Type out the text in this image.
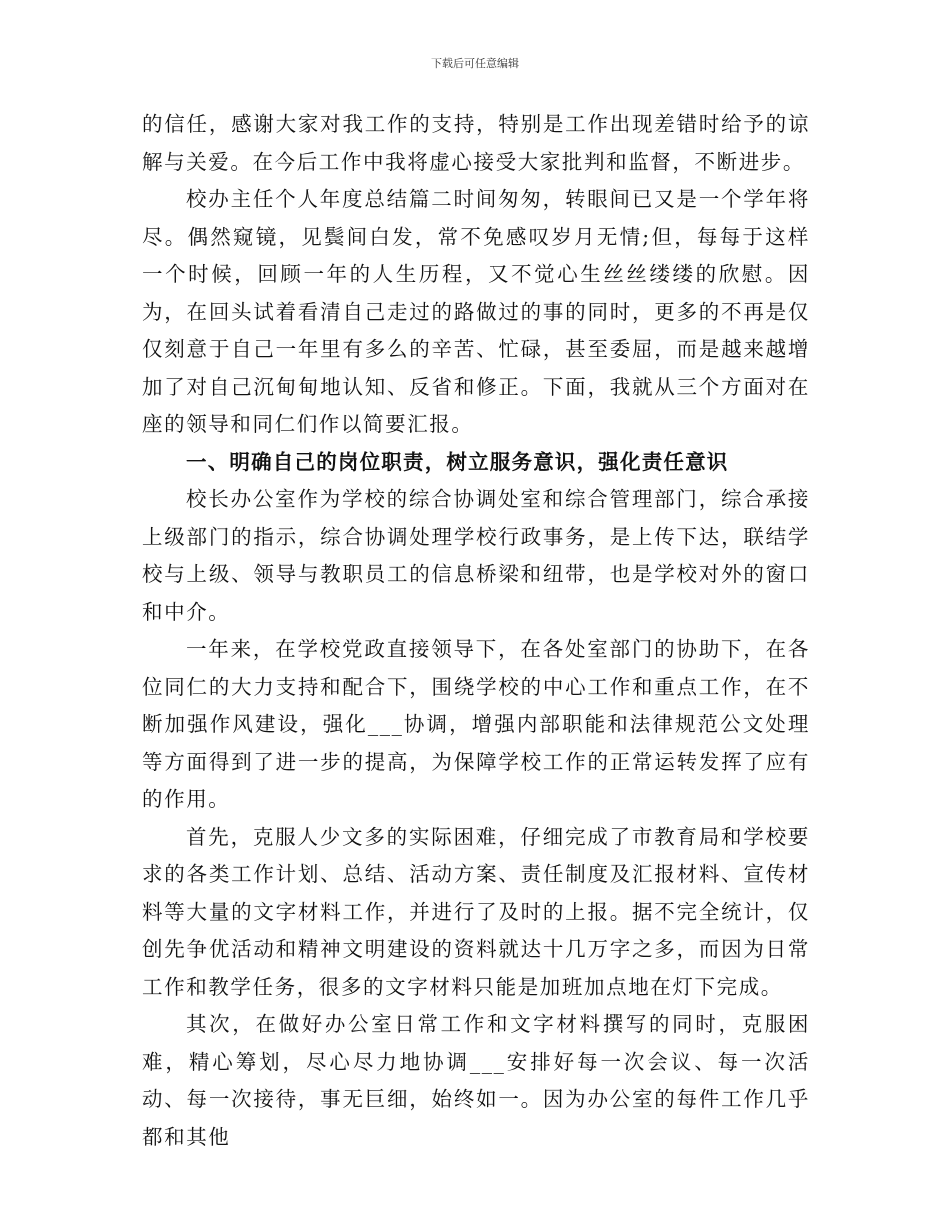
下载后可任意编辑

的信任，感谢大家对我工作的支持，特别是工作出现差错时给予的谅解与关爱。在今后工作中我将虚心接受大家批判和监督，不断进步。

校办主任个人年度总结篇二时间匆匆，转眼间已又是一个学年将尽。偶然窥镜，见鬓间白发，常不免感叹岁月无情;但，每每于这样一个时候，回顾一年的人生历程，又不觉心生丝丝缕缕的欣慰。因为，在回头试着看清自己走过的路做过的事的同时，更多的不再是仅仅刻意于自己一年里有多么的辛苦、忙碌，甚至委屈，而是越来越增加了对自己沉甸甸地认知、反省和修正。下面，我就从三个方面对在座的领导和同仁们作以简要汇报。

一、明确自己的岗位职责，树立服务意识，强化责任意识

校长办公室作为学校的综合协调处室和综合管理部门，综合承接上级部门的指示，综合协调处理学校行政事务，是上传下达，联结学校与上级、领导与教职员工的信息桥梁和纽带，也是学校对外的窗口和中介。

一年来，在学校党政直接领导下，在各处室部门的协助下，在各位同仁的大力支持和配合下，围绕学校的中心工作和重点工作，在不断加强作风建设，强化___协调，增强内部职能和法律规范公文处理等方面得到了进一步的提高，为保障学校工作的正常运转发挥了应有的作用。

首先，克服人少文多的实际困难，仔细完成了市教育局和学校要求的各类工作计划、总结、活动方案、责任制度及汇报材料、宣传材料等大量的文字材料工作，并进行了及时的上报。据不完全统计，仅创先争优活动和精神文明建设的资料就达十几万字之多，而因为日常工作和教学任务，很多的文字材料只能是加班加点地在灯下完成。

其次，在做好办公室日常工作和文字材料撰写的同时，克服困难，精心筹划，尽心尽力地协调___安排好每一次会议、每一次活动、每一次接待，事无巨细，始终如一。因为办公室的每件工作几乎都和其他
